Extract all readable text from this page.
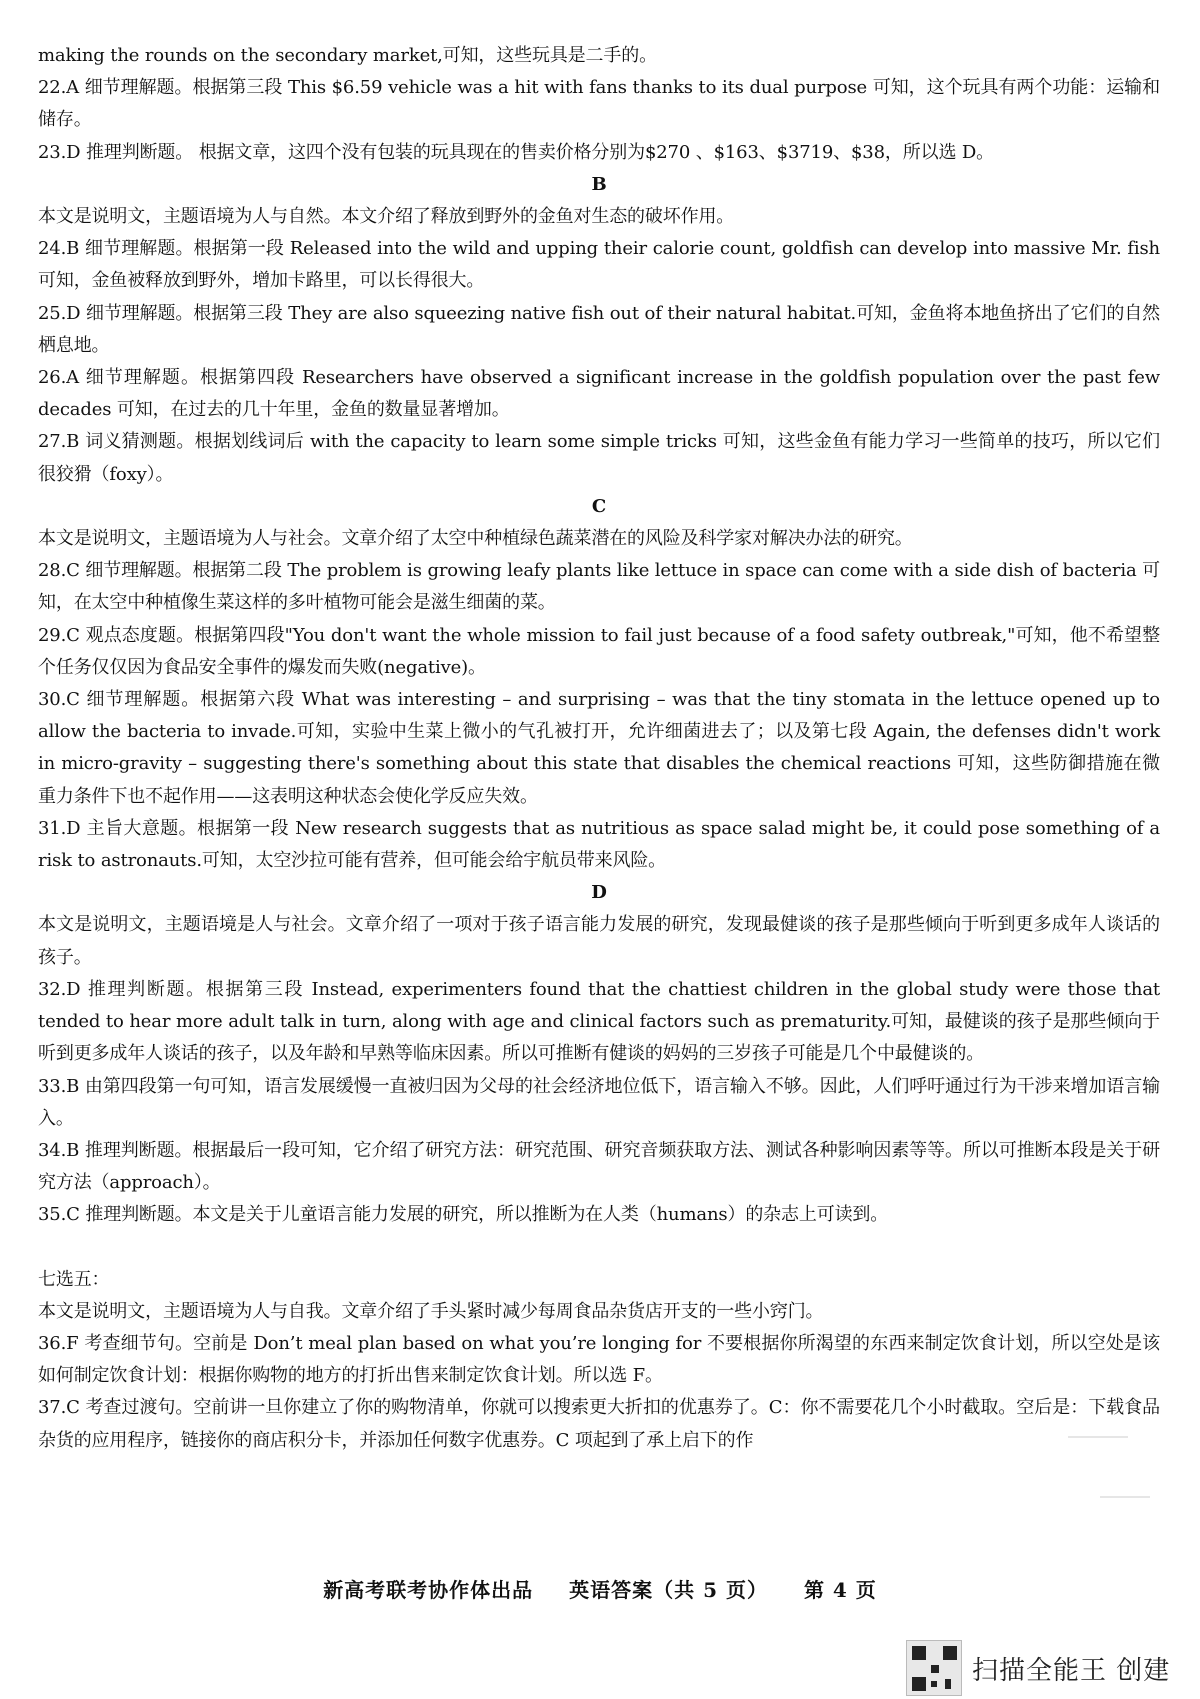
making the rounds on the secondary market,可知，这些玩具是二手的。

22.A 细节理解题。根据第三段 This $6.59 vehicle was a hit with fans thanks to its dual purpose 可知，这个玩具有两个功能：运输和储存。

23.D 推理判断题。 根据文章，这四个没有包装的玩具现在的售卖价格分别为$270 、$163、$3719、$38，所以选 D。

B

本文是说明文，主题语境为人与自然。本文介绍了释放到野外的金鱼对生态的破坏作用。

24.B 细节理解题。根据第一段 Released into the wild and upping their calorie count, goldfish can develop into massive Mr. fish 可知，金鱼被释放到野外，增加卡路里，可以长得很大。

25.D 细节理解题。根据第三段 They are also squeezing native fish out of their natural habitat.可知，金鱼将本地鱼挤出了它们的自然栖息地。

26.A 细节理解题。根据第四段 Researchers have observed a significant increase in the goldfish population over the past few decades 可知，在过去的几十年里，金鱼的数量显著增加。

27.B 词义猜测题。根据划线词后 with the capacity to learn some simple tricks 可知，这些金鱼有能力学习一些简单的技巧，所以它们很狡猾（foxy）。

C

本文是说明文，主题语境为人与社会。文章介绍了太空中种植绿色蔬菜潜在的风险及科学家对解决办法的研究。

28.C 细节理解题。根据第二段 The problem is growing leafy plants like lettuce in space can come with a side dish of bacteria 可知，在太空中种植像生菜这样的多叶植物可能会是滋生细菌的菜。

29.C 观点态度题。根据第四段"You don't want the whole mission to fail just because of a food safety outbreak,"可知，他不希望整个任务仅仅因为食品安全事件的爆发而失败(negative)。

30.C 细节理解题。根据第六段 What was interesting – and surprising – was that the tiny stomata in the lettuce opened up to allow the bacteria to invade.可知，实验中生菜上微小的气孔被打开，允许细菌进去了；以及第七段 Again, the defenses didn't work in micro-gravity – suggesting there's something about this state that disables the chemical reactions 可知，这些防御措施在微重力条件下也不起作用——这表明这种状态会使化学反应失效。

31.D 主旨大意题。根据第一段 New research suggests that as nutritious as space salad might be, it could pose something of a risk to astronauts.可知，太空沙拉可能有营养，但可能会给宇航员带来风险。

D

本文是说明文，主题语境是人与社会。文章介绍了一项对于孩子语言能力发展的研究，发现最健谈的孩子是那些倾向于听到更多成年人谈话的孩子。

32.D 推理判断题。根据第三段 Instead, experimenters found that the chattiest children in the global study were those that tended to hear more adult talk in turn, along with age and clinical factors such as prematurity.可知，最健谈的孩子是那些倾向于听到更多成年人谈话的孩子，以及年龄和早熟等临床因素。所以可推断有健谈的妈妈的三岁孩子可能是几个中最健谈的。

33.B 由第四段第一句可知，语言发展缓慢一直被归因为父母的社会经济地位低下，语言输入不够。因此，人们呼吁通过行为干涉来增加语言输入。

34.B 推理判断题。根据最后一段可知，它介绍了研究方法：研究范围、研究音频获取方法、测试各种影响因素等等。所以可推断本段是关于研究方法（approach）。

35.C 推理判断题。本文是关于儿童语言能力发展的研究，所以推断为在人类（humans）的杂志上可读到。

七选五：

本文是说明文，主题语境为人与自我。文章介绍了手头紧时减少每周食品杂货店开支的一些小窍门。

36.F 考查细节句。空前是 Don’t meal plan based on what you’re longing for 不要根据你所渴望的东西来制定饮食计划，所以空处是该如何制定饮食计划：根据你购物的地方的打折出售来制定饮食计划。所以选 F。

37.C 考查过渡句。空前讲一旦你建立了你的购物清单，你就可以搜索更大折扣的优惠券了。C：你不需要花几个小时截取。空后是：下载食品杂货的应用程序，链接你的商店积分卡，并添加任何数字优惠券。C 项起到了承上启下的作

新高考联考协作体出品 英语答案（共 5 页） 第 4 页
扫描全能王 创建
